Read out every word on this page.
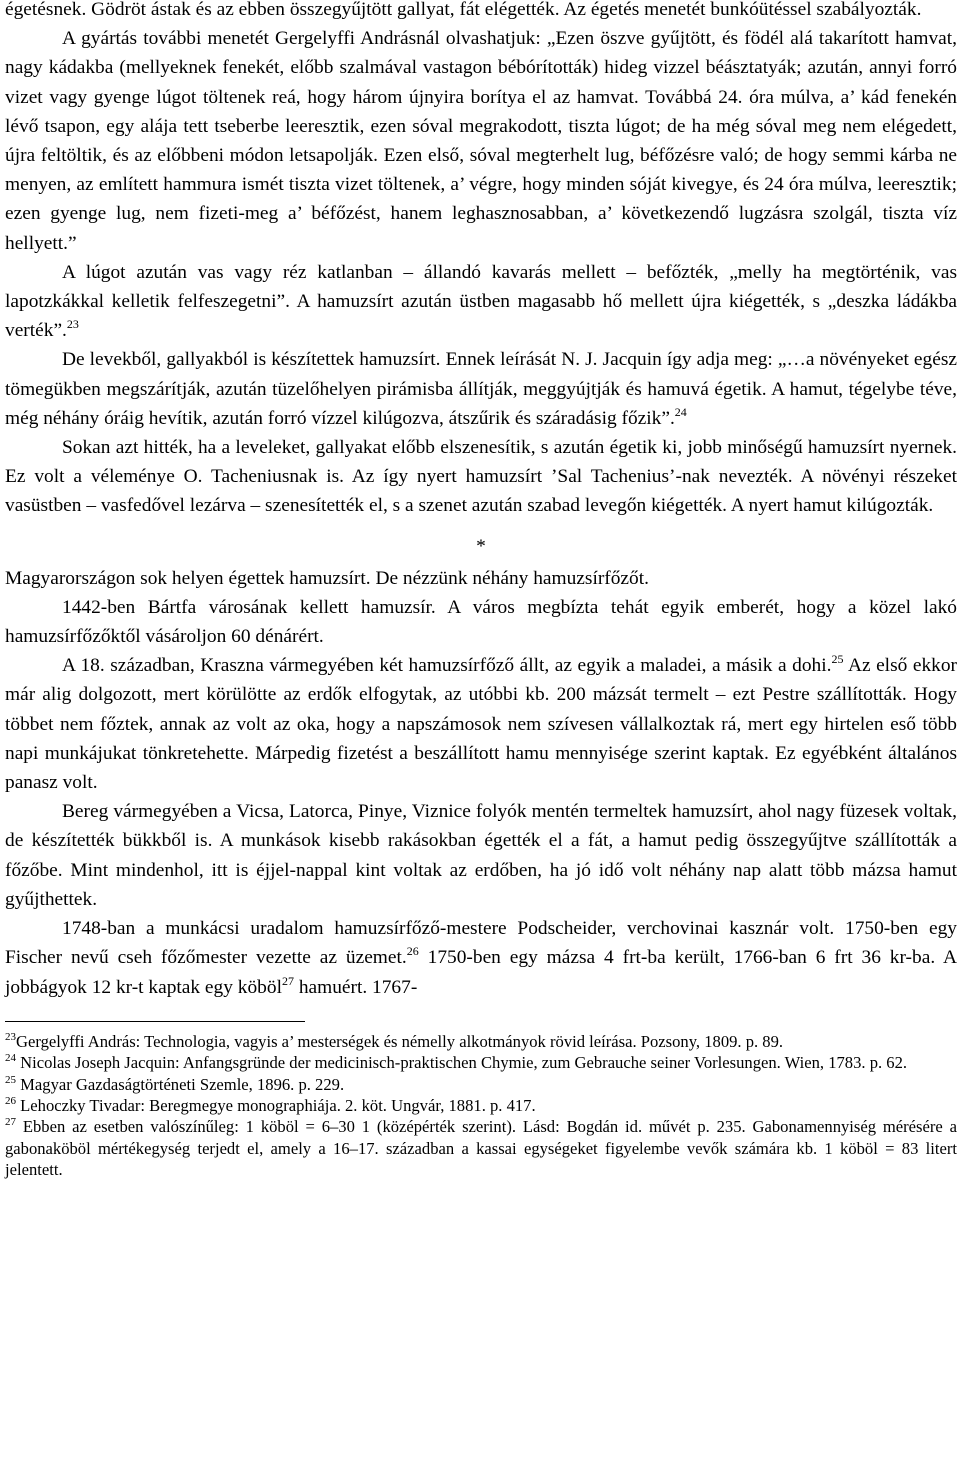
égetésnek. Gödröt ástak és az ebben összegyűjtött gallyat, fát elégették. Az égetés menetét bunkóütéssel szabályozták.

A gyártás további menetét Gergelyffi Andrásnál olvashatjuk: „Ezen öszve gyűjtött, és födél alá takarított hamvat, nagy kádakba (mellyeknek fenekét, előbb szalmával vastagon bébórították) hideg vizzel béásztatyák; azután, annyi forró vizet vagy gyenge lúgot töltenek reá, hogy három újnyira borítya el az hamvat. Továbbá 24. óra múlva, a’ kád fenekén lévő tsapon, egy alája tett tseberbe leeresztik, ezen sóval megrakodott, tiszta lúgot; de ha még sóval meg nem elégedett, újra feltöltik, és az előbbeni módon letsapolják. Ezen első, sóval megterhelt lug, béfőzésre való; de hogy semmi kárba ne menyen, az említett hammura ismét tiszta vizet töltenek, a’ végre, hogy minden sóját kivegye, és 24 óra múlva, leeresztik; ezen gyenge lug, nem fizeti-meg a’ béfőzést, hanem leghasznosabban, a’ következendő lugzásra szolgál, tiszta víz hellyett.”

A lúgot azután vas vagy réz katlanban – állandó kavarás mellett – befőzték, „melly ha megtörténik, vas lapotzkákkal kelletik felfeszegetni”. A hamuzsírt azután üstben magasabb hő mellett újra kiégették, s „deszka ládákba verték”.$^{23}$

De levekből, gallyakból is készítettek hamuzsírt. Ennek leírását N. J. Jacquin így adja meg: „…a növényeket egész tömegükben megszárítják, azután tüzelőhelyen pirámisba állítják, meggyújtják és hamuvá égetik. A hamut, tégelybe téve, még néhány óráig hevítik, azután forró vízzel kilúgozva, átszűrik és száradásig főzik”.$^{24}$

Sokan azt hitték, ha a leveleket, gallyakat előbb elszenesítik, s azután égetik ki, jobb minőségű hamuzsírt nyernek. Ez volt a véleménye O. Tacheniusnak is. Az így nyert hamuzsírt ’Sal Tachenius’-nak nevezték. A növényi részeket vasüstben – vasfedővel lezárva – szenesítették el, s a szenet azután szabad levegőn kiégették. A nyert hamut kilúgozták.

*

Magyarországon sok helyen égettek hamuzsírt. De nézzünk néhány hamuzsírfőzőt.

1442-ben Bártfa városának kellett hamuzsír. A város megbízta tehát egyik emberét, hogy a közel lakó hamuzsírfőzőktől vásároljon 60 dénárért.

A 18. században, Kraszna vármegyében két hamuzsírfőző állt, az egyik a maladei, a másik a dohi.$^{25}$ Az első ekkor már alig dolgozott, mert körülötte az erdők elfogytak, az utóbbi kb. 200 mázsát termelt – ezt Pestre szállították. Hogy többet nem főztek, annak az volt az oka, hogy a napszámosok nem szívesen vállalkoztak rá, mert egy hirtelen eső több napi munkájukat tönkretehette. Márpedig fizetést a beszállított hamu mennyisége szerint kaptak. Ez egyébként általános panasz volt.

Bereg vármegyében a Vicsa, Latorca, Pinye, Viznice folyók mentén termeltek hamuzsírt, ahol nagy füzesek voltak, de készítették bükkből is. A munkások kisebb rakásokban égették el a fát, a hamut pedig összegyűjtve szállították a főzőbe. Mint mindenhol, itt is éjjel-nappal kint voltak az erdőben, ha jó idő volt néhány nap alatt több mázsa hamut gyűjthettek.

1748-ban a munkácsi uradalom hamuzsírfőző-mestere Podscheider, verchovinai kasznár volt. 1750-ben egy Fischer nevű cseh főzőmester vezette az üzemet.$^{26}$ 1750-ben egy mázsa 4 frt-ba került, 1766-ban 6 frt 36 kr-ba. A jobbágyok 12 kr-t kaptak egy köböl$^{27}$ hamuért. 1767-

$^{23}$Gergelyffi András: Technologia, vagyis a’ mesterségek és némelly alkotmányok rövid leírása. Pozsony, 1809. p. 89.

$^{24}$ Nicolas Joseph Jacquin: Anfangsgründe der medicinisch-praktischen Chymie, zum Gebrauche seiner Vorlesungen. Wien, 1783. p. 62.

$^{25}$ Magyar Gazdaságtörténeti Szemle, 1896. p. 229.

$^{26}$ Lehoczky Tivadar: Beregmegye monographiája. 2. köt. Ungvár, 1881. p. 417.

$^{27}$ Ebben az esetben valószínűleg: 1 köböl = 6–30 1 (középérték szerint). Lásd: Bogdán id. művét p. 235. Gabonamennyiség mérésére a gabonaköböl mértékegység terjedt el, amely a 16–17. században a kassai egységeket figyelembe vevők számára kb. 1 köböl = 83 litert jelentett.
